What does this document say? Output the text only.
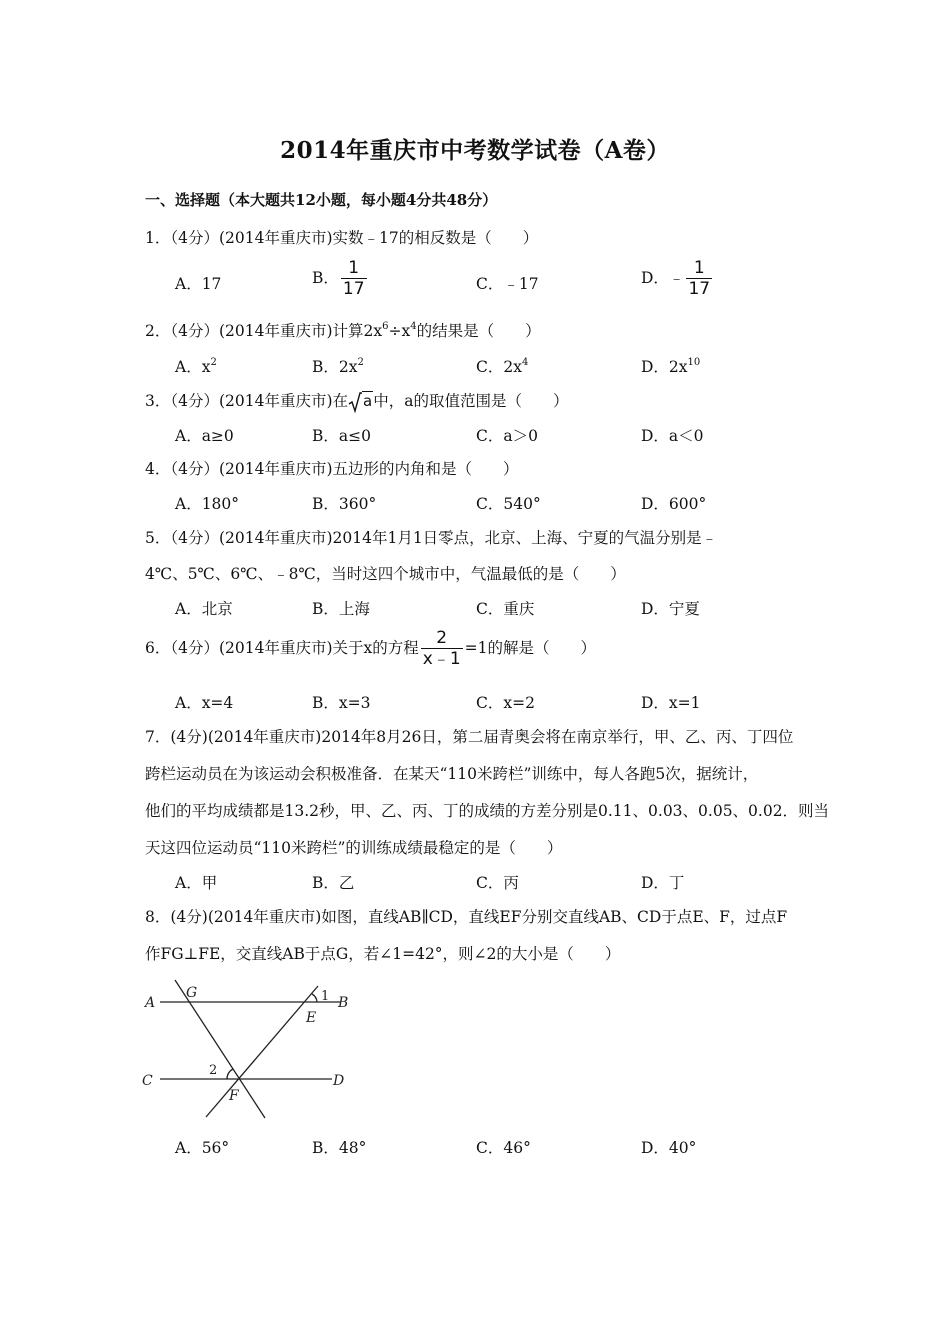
2014年重庆市中考数学试卷（A卷）
一、选择题（本大题共12小题，每小题4分共48分）
1．（4分）(2014年重庆市)实数﹣17的相反数是（　　）
A．17	B． $\frac{1}{17}$	C．﹣17	D．﹣ $\frac{1}{17}$
2．（4分）(2014年重庆市)计算$2x^6\div x^4$的结果是（　　）
A．$x^2$	B．$2x^2$	C．$2x^4$	D．$2x^{10}$
3．（4分）(2014年重庆市)在 a中，a的取值范围是（　　）
A．a≥0	B．a≤0	C．a＞0	D．a＜0
4．（4分）(2014年重庆市)五边形的内角和是（　　）
A．180°	B．360°	C．540°	D．600°
5．（4分）(2014年重庆市)2014年1月1日零点，北京、上海、宁夏的气温分别是﹣
4℃、5℃、6℃、﹣8℃，当时这四个城市中，气温最低的是（　　）
A．北京	B．上海	C．重庆	D．宁夏
6．（4分）(2014年重庆市)关于x的方程 $\frac{2}{x﹣1} =1$的解是（　　）
A．x=4	B．x=3	C．x=2	D．x=1
7．(4分)(2014年重庆市)2014年8月26日，第二届青奥会将在南京举行，甲、乙、丙、丁四位
跨栏运动员在为该运动会积极准备．在某天“110米跨栏”训练中，每人各跑5次，据统计，
他们的平均成绩都是13.2秒，甲、乙、丙、丁的成绩的方差分别是0.11、0.03、0.05、0.02．则当
天这四位运动员“110米跨栏”的训练成绩最稳定的是（　　）
A．甲	B．乙	C．丙	D．丁
8．(4分)(2014年重庆市)如图，直线AB∥CD，直线EF分别交直线AB、CD于点E、F，过点F
作FG⊥FE，交直线AB于点G，若∠1=42°，则∠2的大小是（　　）
A
G
B
E
C	D
F
1
2
A．56°	B．48°	C．46°	D．40°
